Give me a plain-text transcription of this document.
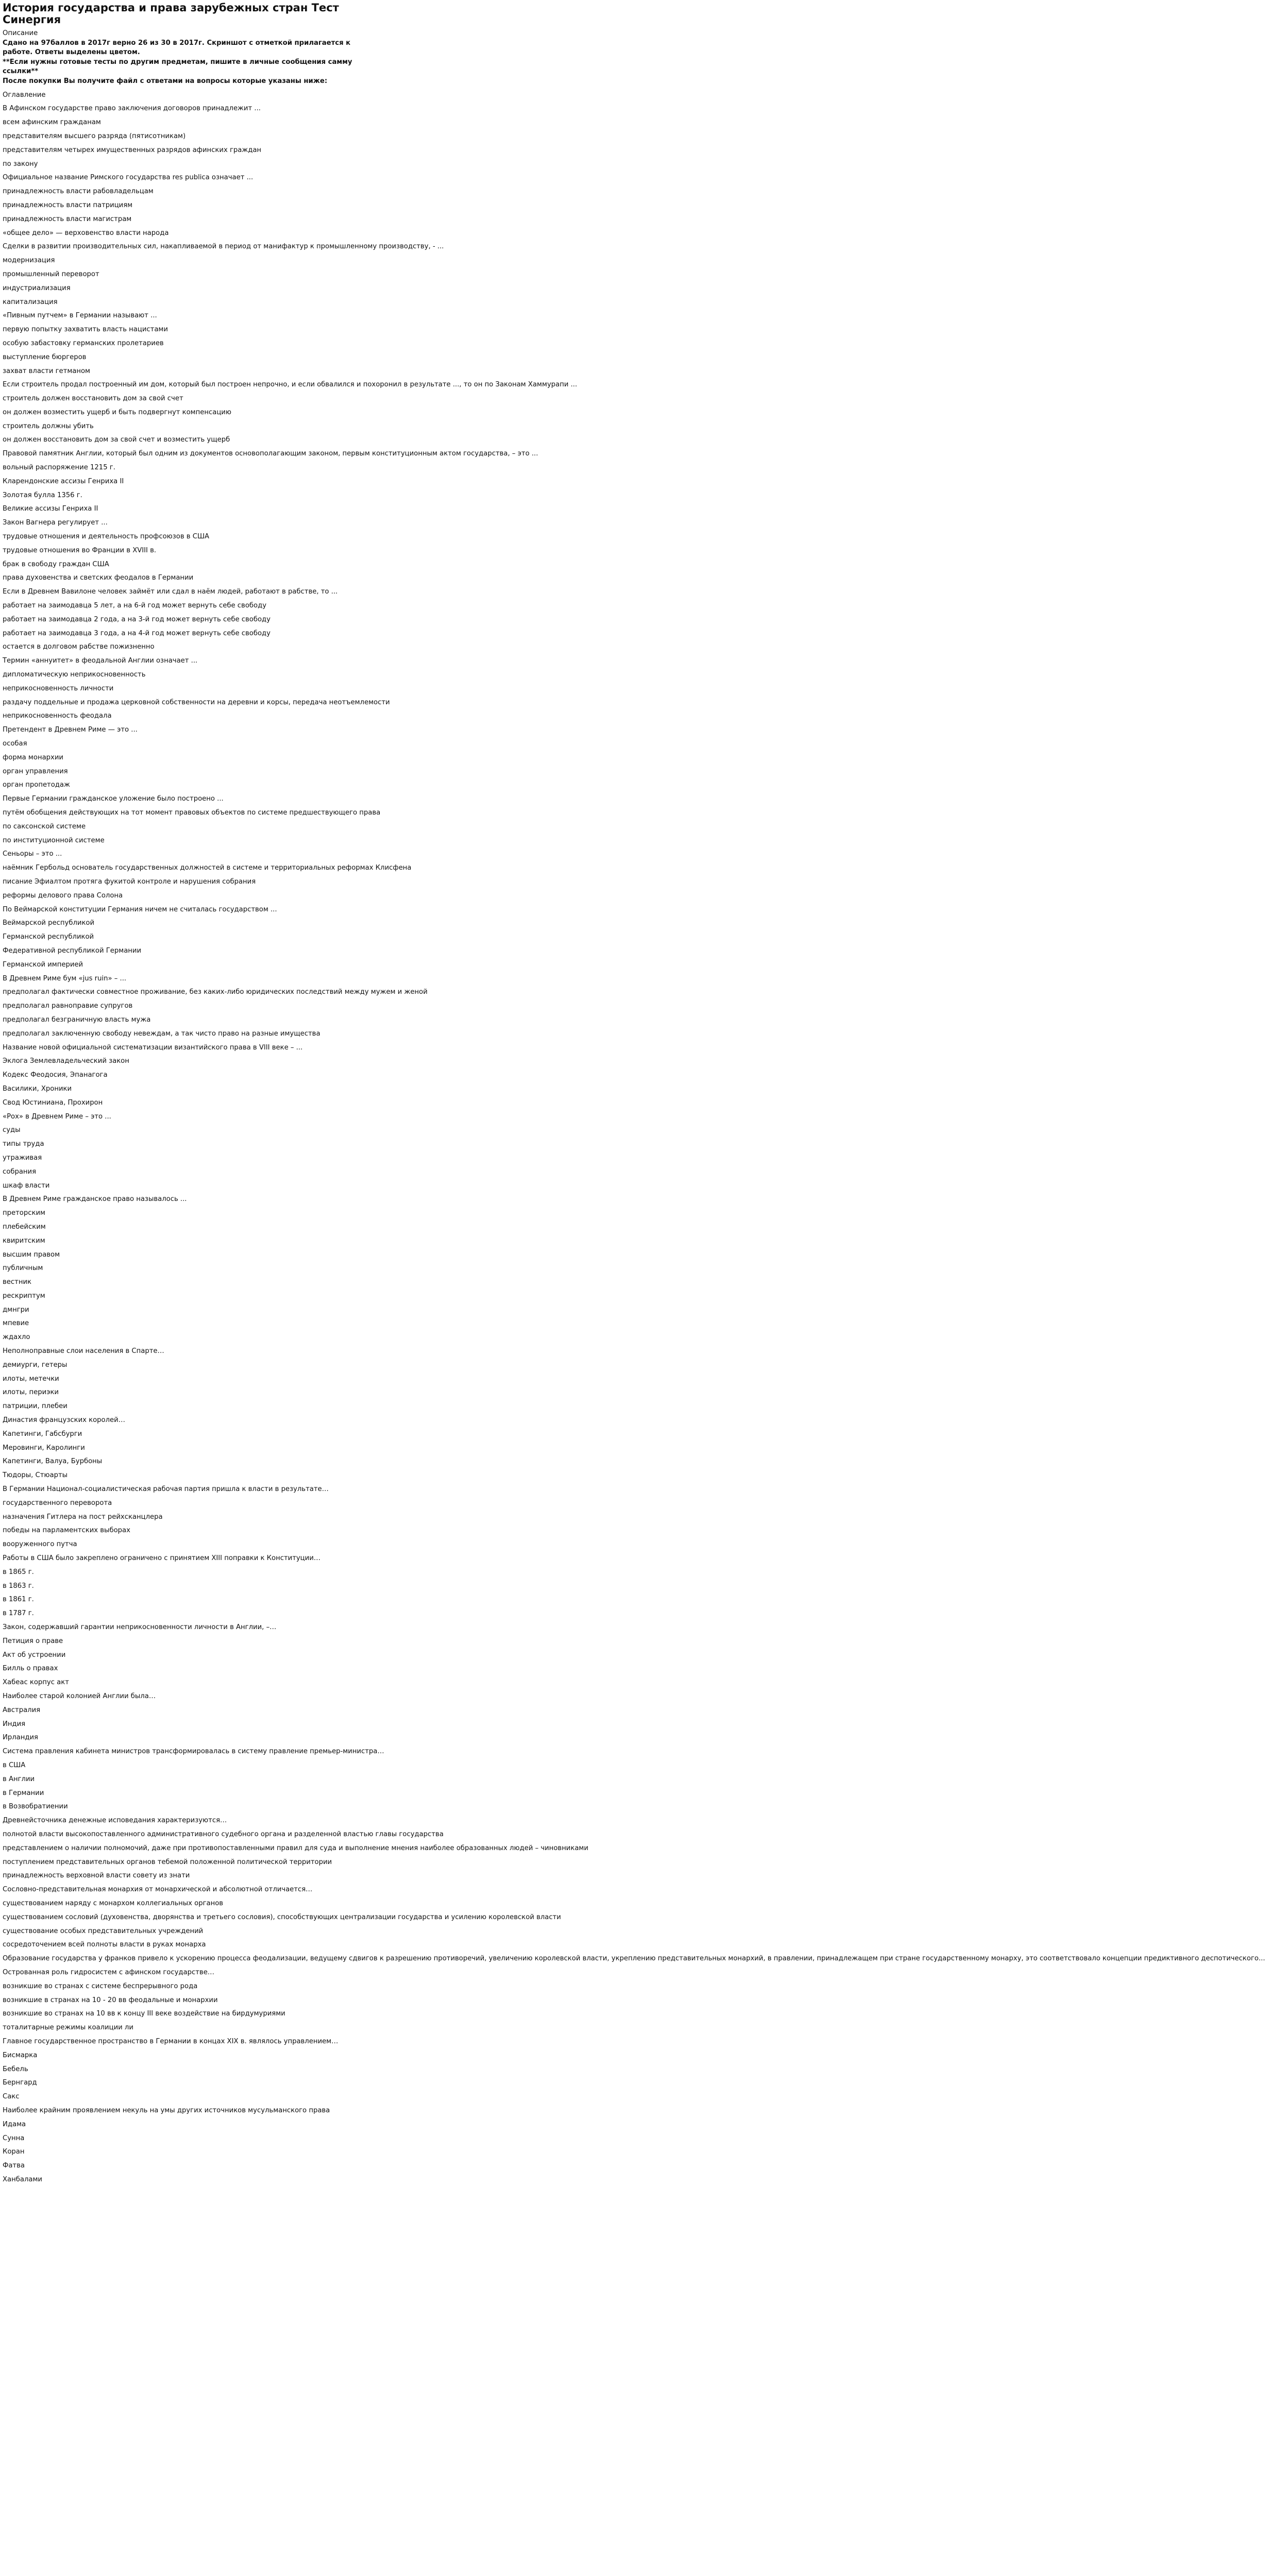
История государства и права зарубежных стран Тест Синергия

Описание

Сдано на 97баллов в 2017г верно 26 из 30 в 2017г. Скриншот с отметкой прилагается к работе. Ответы выделены цветом.

**Если нужны готовые тесты по другим предметам, пишите в личные сообщения самму ссылки**

После покупки Вы получите файл с ответами на вопросы которые указаны ниже:

Оглавление

В Афинском государстве право заключения договоров принадлежит ...

всем афинским гражданам

представителям высшего разряда (пятисотникам)

представителям четырех имущественных разрядов афинских граждан

по закону

Официальное название Римского государства res publica означает ...

принадлежность власти рабовладельцам

принадлежность власти патрициям

принадлежность власти магистрам

«общее дело» — верховенство власти народа

Сделки в развитии производительных сил, накапливаемой в период от манифактур к промышленному производству, - ...

модернизация

промышленный переворот

индустриализация

капитализация

«Пивным путчем» в Германии называют ...

первую попытку захватить власть нацистами

особую забастовку германских пролетариев

выступление бюргеров

захват власти гетманом

Если строитель продал построенный им дом, который был построен непрочно, и если обвалился и похоронил в результате ..., то он по Законам Хаммурапи ...

строитель должен восстановить дом за свой счет

он должен возместить ущерб и быть подвергнут компенсацию

строитель должны убить

он должен восстановить дом за свой счет и возместить ущерб

Правовой памятник Англии, который был одним из документов основополагающим законом, первым конституционным актом государства, – это ...

вольный распоряжение 1215 г.

Кларендонские ассизы Генриха II

Золотая булла 1356 г.

Великие ассизы Генриха II

Закон Вагнера регулирует ...

трудовые отношения и деятельность профсоюзов в США

трудовые отношения во Франции в XVIII в.

брак в свободу граждан США

права духовенства и светских феодалов в Германии

Если в Древнем Вавилоне человек займёт или сдал в наём людей, работают в рабстве, то ...

работает на заимодавца 5 лет, а на 6-й год может вернуть себе свободу

работает на заимодавца 2 года, а на 3-й год может вернуть себе свободу

работает на заимодавца 3 года, а на 4-й год может вернуть себе свободу

остается в долговом рабстве пожизненно

Термин «аннуитет» в феодальной Англии означает ...

дипломатическую неприкосновенность

неприкосновенность личности

раздачу поддельные и продажа церковной собственности на деревни и корсы, передача неотъемлемости

неприкосновенность феодала

Претендент в Древнем Риме — это ...

особая

форма монархии

орган управления

орган пропетодаж

Первые Германии гражданское уложение было построено ...

путём обобщения действующих на тот момент правовых объектов по системе предшествующего права

по саксонской системе

по институционной системе

Сеньоры – это ...

наёмник Гербольд основатель государственных должностей в системе и территориальных реформах Клисфена

писание Эфиалтом протяга фукитой контроле и нарушения собрания

реформы делового права Солона

По Веймарской конституции Германия ничем не считалась государством ...

Веймарской республикой

Германской республикой

Федеративной республикой Германии

Германской империей

В Древнем Риме бум «jus ruin» – ...

предполагал фактически совместное проживание, без каких-либо юридических последствий между мужем и женой

предполагал равноправие супругов

предполагал безграничную власть мужа

предполагал заключенную свободу невеждам, а так чисто право на разные имущества

Название новой официальной систематизации византийского права в VIII веке – ...

Эклога Землевладельческий закон

Кодекс Феодосия, Эпанагога

Василики, Хроники

Свод Юстиниана, Прохирон

«Рох» в Древнем Риме – это ...

суды

типы труда

утраживая

собрания

шкаф власти

В Древнем Риме гражданское право называлось ...

преторским

плебейским

квиритским

высшим правом

публичным

вестник

рескриптум

дмнгри

мпевие

ждахло

Неполноправные слои населения в Спарте…

демиурги, гетеры

илоты, метечки

илоты, периэки

патриции, плебеи

Династия французских королей…

Капетинги, Габсбурги

Меровинги, Каролинги

Капетинги, Валуа, Бурбоны

Тюдоры, Стюарты

В Германии Национал-социалистическая рабочая партия пришла к власти в результате…

государственного переворота

назначения Гитлера на пост рейхсканцлера

победы на парламентских выборах

вооруженного путча

Работы в США было закреплено ограничено с принятием XIII поправки к Конституции…

в 1865 г.

в 1863 г.

в 1861 г.

в 1787 г.

Закон, содержавший гарантии неприкосновенности личности в Англии, –…

Петиция о праве

Акт об устроении

Билль о правах

Хабеас корпус акт

Наиболее старой колонией Англии была…

Австралия

Индия

Ирландия

Система правления кабинета министров трансформировалась в систему правление премьер-министра…

в США

в Англии

в Германии

в Возвобратиении

Древнейсточника денежные исповедания характеризуются…

полнотой власти высокопоставленного административного судебного органа и разделенной властью главы государства

представлением о наличии полномочий, даже при противопоставленными правил для суда и выполнение мнения наиболее образованных людей – чиновниками

поступлением представительных органов тебемой положенной политической территории

принадлежность верховной власти совету из знати

Сословно-представительная монархия от монархической и абсолютной отличается…

существованием наряду с монархом коллегиальных органов

существованием сословий (духовенства, дворянства и третьего сословия), способствующих централизации государства и усилению королевской власти

существование особых представительных учреждений

сосредоточением всей полноты власти в руках монарха

Образование государства у франков привело к ускорению процесса феодализации, ведущему сдвигов к разрешению противоречий, увеличению королевской власти, укреплению представительных монархий, в правлении, принадлежащем при стране государственному монарху, это соответствовало концепции предиктивного деспотического...

Острованная роль гидросистем с афинском государстве…

возникшие во странах с системе беспрерывного рода

возникшие в странах на 10 - 20 вв феодальные и монархии

возникшие во странах на 10 вв к концу III веке воздействие на бирдумуриями

тоталитарные режимы коалиции ли

Главное государственное пространство в Германии в концах XIX в. являлось управлением…

Бисмарка

Бебель

Бернгард

Сакс

Наиболее крайним проявлением некуль на умы других источников мусульманского права

Идама

Сунна

Коран

Фатва

Ханбалами
